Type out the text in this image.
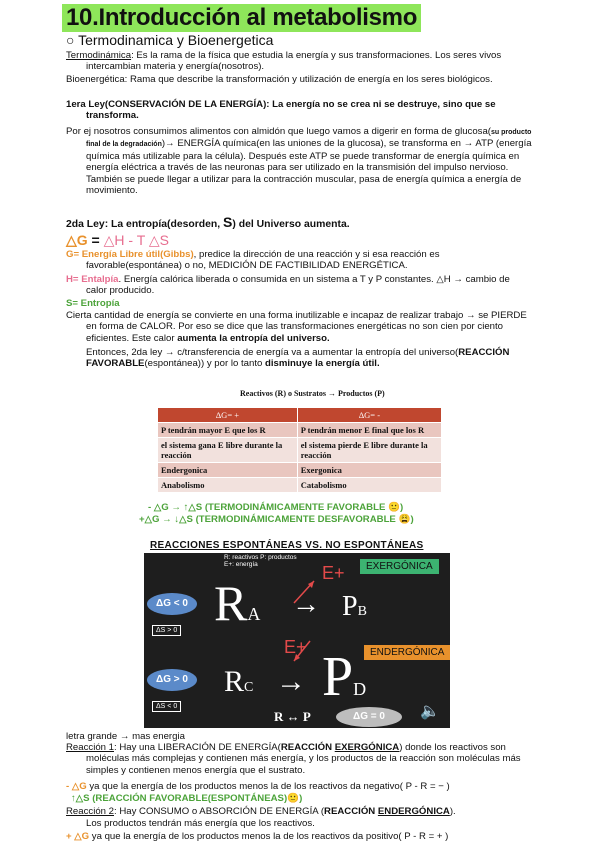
10.Introducción al metabolismo
○ Termodinamica y Bioenergetica
Termodinámica: Es la rama de la física que estudia la energía y sus transformaciones. Los seres vivos intercambian materia y energía(nosotros).
Bioenergética: Rama que describe la transformación y utilización de energía en los seres biológicos.
1era Ley(CONSERVACIÓN DE LA ENERGÍA): La energía no se crea ni se destruye, sino que se transforma.
Por ej nosotros consumimos alimentos con almidón que luego vamos a digerir en forma de glucosa(su producto final de la degradación)→ ENERGÍA química(en las uniones de la glucosa), se transforma en → ATP (energía química más utilizable para la célula). Después este ATP se puede transformar de energía química en energía eléctrica a través de las neuronas para ser utilizado en la transmisión del impulso nervioso. También se puede llegar a utilizar para la contracción muscular, pasa de energía química a energía de movimiento.
2da Ley: La entropía(desorden, S) del Universo aumenta.
△G = △H - T △S
G= Energía Libre útil(Gibbs), predice la dirección de una reacción y si esa reacción es favorable(espontánea) o no, MEDICIÓN DE FACTIBILIDAD ENERGÉTICA.
H= Entalpía. Energía calórica liberada o consumida en un sistema a T y P constantes. △H → cambio de calor producido.
S= Entropía
Cierta cantidad de energía se convierte en una forma inutilizable e incapaz de realizar trabajo → se PIERDE en forma de CALOR. Por eso se dice que las transformaciones energéticas no son cien por ciento eficientes. Este calor aumenta la entropía del universo.
Entonces, 2da ley → c/transferencia de energía va a aumentar la entropía del universo(REACCIÓN FAVORABLE(espontánea)) y por lo tanto disminuye la energía útil.
Reactivos (R) o Sustratos → Productos (P)
ΔG= +	ΔG= -
P tendrán mayor E que los R	P tendrán menor E final que los R
el sistema gana E libre durante la reacción	el sistema pierde E libre durante la reacción
Endergonica	Exergonica
Anabolismo	Catabolismo
- △G → ↑△S (TERMODINÁMICAMENTE FAVORABLE 🙂)
+△G → ↓△S (TERMODINÁMICAMENTE DESFAVORABLE 😩)
REACCIONES ESPONTÁNEAS VS. NO ESPONTÁNEAS
R: reactivos P: productos
E+: energía	E+	EXERGÓNICA
ΔG < 0
ΔS > 0 RA → PB
E+	ENDERGÓNICA
ΔG > 0
ΔS < 0
RC → PD
R ↔ P	ΔG = 0	🔈
letra grande → mas energia
Reacción 1: Hay una LIBERACIÓN DE ENERGÍA(REACCIÓN EXERGÓNICA) donde los reactivos son moléculas más complejas y contienen más energía, y los productos de la reacción son moléculas más simples y contienen menos energía que el sustrato.
- △G ya que la energía de los productos menos la de los reactivos da negativo( P - R = − )
↑△S (REACCIÓN FAVORABLE(ESPONTÁNEAS)🙂)
Reacción 2: Hay CONSUMO o ABSORCIÓN DE ENERGÍA (REACCIÓN ENDERGÓNICA).
Los productos tendrán más energía que los reactivos.
+ △G ya que la energía de los productos menos la de los reactivos da positivo( P - R = + )
